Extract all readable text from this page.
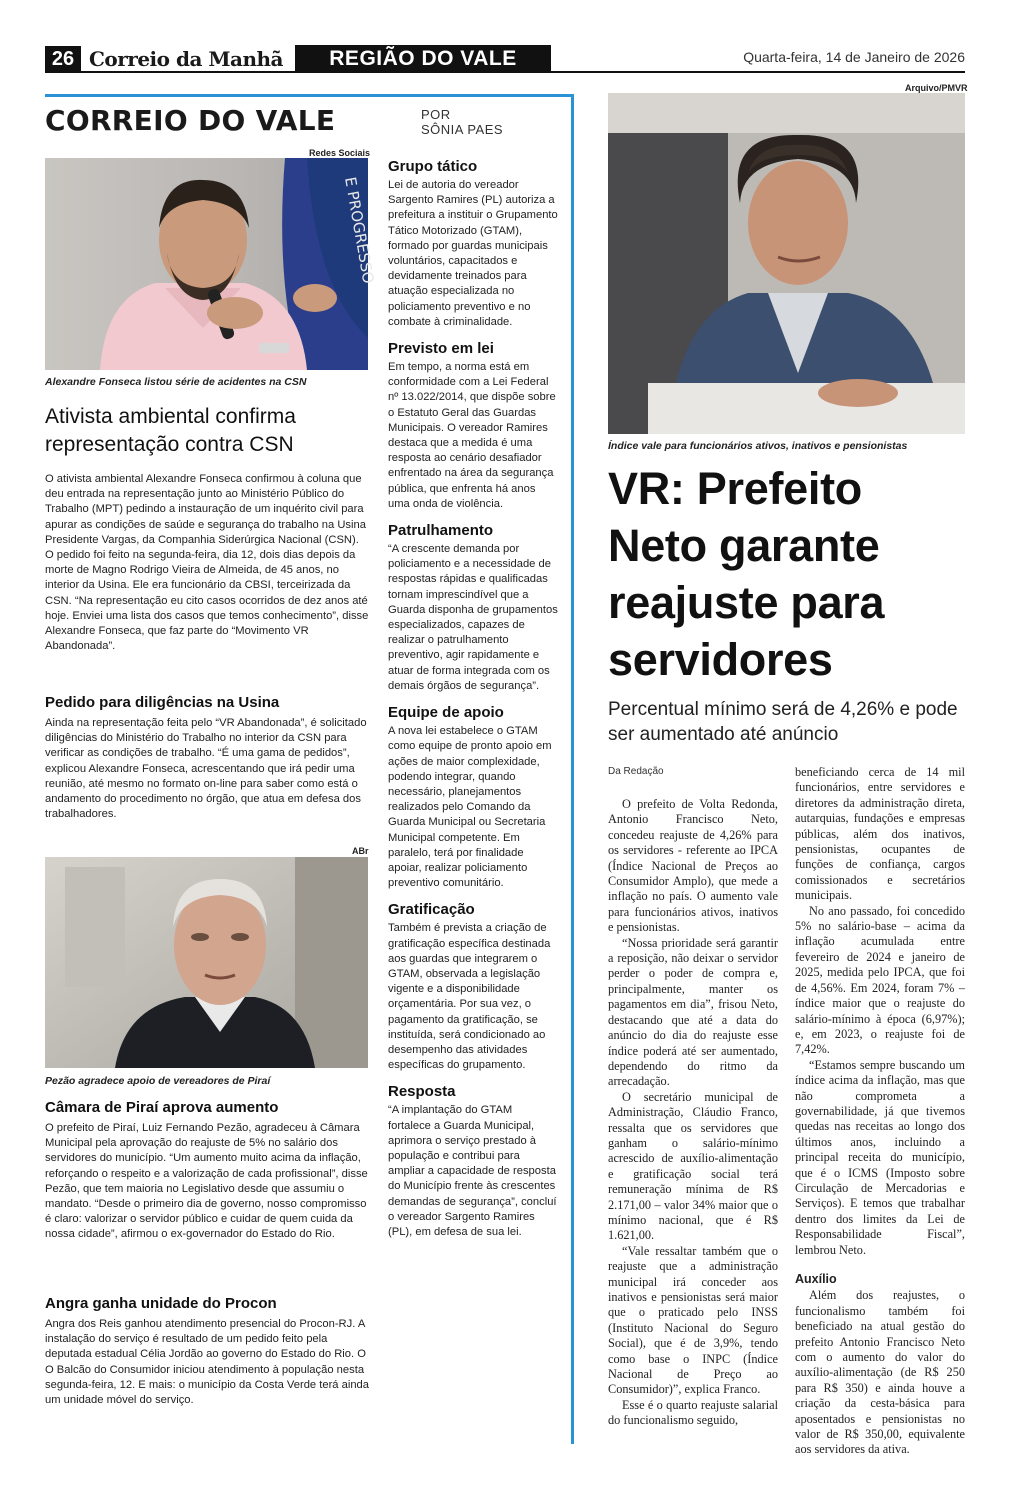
26 Correio da Manhã	REGIÃO DO VALE	Quarta-feira, 14 de Janeiro de 2026
CORREIO DO VALE	POR
SÔNIA PAES
Redes Sociais
E PROGRESSO
Alexandre Fonseca listou série de acidentes na CSN
Ativista ambiental confirma representação contra CSN

O ativista ambiental Alexandre Fonseca confirmou à coluna que deu entrada na representação junto ao Ministério Público do Trabalho (MPT) pedindo a instauração de um inquérito civil para apurar as condições de saúde e segurança do trabalho na Usina Presidente Vargas, da Companhia Siderúrgica Nacional (CSN). O pedido foi feito na segunda-feira, dia 12, dois dias depois da morte de Magno Rodrigo Vieira de Almeida, de 45 anos, no interior da Usina. Ele era funcionário da CBSI, terceirizada da CSN. “Na representação eu cito casos ocorridos de dez anos até hoje. Enviei uma lista dos casos que temos conhecimento”, disse Alexandre Fonseca, que faz parte do “Movimento VR Abandonada”.

Pedido para diligências na Usina

Ainda na representação feita pelo “VR Abandonada”, é solicitado diligências do Ministério do Trabalho no interior da CSN para verificar as condições de trabalho. “É uma gama de pedidos”, explicou Alexandre Fonseca, acrescentando que irá pedir uma reunião, até mesmo no formato on-line para saber como está o andamento do procedimento no órgão, que atua em defesa dos trabalhadores.

ABr
Pezão agradece apoio de vereadores de Piraí
Câmara de Piraí aprova aumento

O prefeito de Piraí, Luiz Fernando Pezão, agradeceu à Câmara Municipal pela aprovação do reajuste de 5% no salário dos servidores do município. “Um aumento muito acima da inflação, reforçando o respeito e a valorização de cada profissional”, disse Pezão, que tem maioria no Legislativo desde que assumiu o mandato. “Desde o primeiro dia de governo, nosso compromisso é claro: valorizar o servidor público e cuidar de quem cuida da nossa cidade”, afirmou o ex-governador do Estado do Rio.

Angra ganha unidade do Procon

Angra dos Reis ganhou atendimento presencial do Procon-RJ. A instalação do serviço é resultado de um pedido feito pela deputada estadual Célia Jordão ao governo do Estado do Rio. O O Balcão do Consumidor iniciou atendimento à população nesta segunda-feira, 12. E mais: o município da Costa Verde terá ainda um unidade móvel do serviço.

Grupo tático
Lei de autoria do vereador Sargento Ramires (PL) autoriza a prefeitura a instituir o Grupamento Tático Motorizado (GTAM), formado por guardas municipais voluntários, capacitados e devidamente treinados para atuação especializada no policiamento preventivo e no combate à criminalidade.
Previsto em lei
Em tempo, a norma está em conformidade com a Lei Federal nº 13.022/2014, que dispõe sobre o Estatuto Geral das Guardas Municipais. O vereador Ramires destaca que a medida é uma resposta ao cenário desafiador enfrentado na área da segurança pública, que enfrenta há anos uma onda de violência.
Patrulhamento
“A crescente demanda por policiamento e a necessidade de respostas rápidas e qualificadas tornam imprescindível que a Guarda disponha de grupamentos especializados, capazes de realizar o patrulhamento preventivo, agir rapidamente e atuar de forma integrada com os demais órgãos de segurança”.
Equipe de apoio
A nova lei estabelece o GTAM como equipe de pronto apoio em ações de maior complexidade, podendo integrar, quando necessário, planejamentos realizados pelo Comando da Guarda Municipal ou Secretaria Municipal competente. Em paralelo, terá por finalidade apoiar, realizar policiamento preventivo comunitário.
Gratificação
Também é prevista a criação de gratificação específica destinada aos guardas que integrarem o GTAM, observada a legislação vigente e a disponibilidade orçamentária. Por sua vez, o pagamento da gratificação, se instituída, será condicionado ao desempenho das atividades específicas do grupamento.
Resposta
“A implantação do GTAM fortalece a Guarda Municipal, aprimora o serviço prestado à população e contribui para ampliar a capacidade de resposta do Município frente às crescentes demandas de segurança”, concluí o vereador Sargento Ramires (PL), em defesa de sua lei.
Arquivo/PMVR
Índice vale para funcionários ativos, inativos e pensionistas
VR: Prefeito Neto garante reajuste para servidores
Percentual mínimo será de 4,26% e pode ser aumentado até anúncio
Da Redação

O prefeito de Volta Redonda, Antonio Francisco Neto, concedeu reajuste de 4,26% para os servidores - referente ao IPCA (Índice Nacional de Preços ao Consumidor Amplo), que mede a inflação no país. O aumento vale para funcionários ativos, inativos e pensionistas.

“Nossa prioridade será garantir a reposição, não deixar o servidor perder o poder de compra e, principalmente, manter os pagamentos em dia”, frisou Neto, destacando que até a data do anúncio do dia do reajuste esse índice poderá até ser aumentado, dependendo do ritmo da arrecadação.

O secretário municipal de Administração, Cláudio Franco, ressalta que os servidores que ganham o salário-mínimo acrescido de auxílio-alimentação e gratificação social terá remuneração mínima de R$ 2.171,00 – valor 34% maior que o mínimo nacional, que é R$ 1.621,00.

“Vale ressaltar também que o reajuste que a administração municipal irá conceder aos inativos e pensionistas será maior que o praticado pelo INSS (Instituto Nacional do Seguro Social), que é de 3,9%, tendo como base o INPC (Índice Nacional de Preço ao Consumidor)”, explica Franco.

Esse é o quarto reajuste salarial do funcionalismo seguido,

beneficiando cerca de 14 mil funcionários, entre servidores e diretores da administração direta, autarquias, fundações e empresas públicas, além dos inativos, pensionistas, ocupantes de funções de confiança, cargos comissionados e secretários municipais.

No ano passado, foi concedido 5% no salário-base – acima da inflação acumulada entre fevereiro de 2024 e janeiro de 2025, medida pelo IPCA, que foi de 4,56%. Em 2024, foram 7% – índice maior que o reajuste do salário-mínimo à época (6,97%); e, em 2023, o reajuste foi de 7,42%.

“Estamos sempre buscando um índice acima da inflação, mas que não comprometa a governabilidade, já que tivemos quedas nas receitas ao longo dos últimos anos, incluindo a principal receita do município, que é o ICMS (Imposto sobre Circulação de Mercadorias e Serviços). E temos que trabalhar dentro dos limites da Lei de Responsabilidade Fiscal”, lembrou Neto.

Auxílio

Além dos reajustes, o funcionalismo também foi beneficiado na atual gestão do prefeito Antonio Francisco Neto com o aumento do valor do auxílio-alimentação (de R$ 250 para R$ 350) e ainda houve a criação da cesta-básica para aposentados e pensionistas no valor de R$ 350,00, equivalente aos servidores da ativa.
